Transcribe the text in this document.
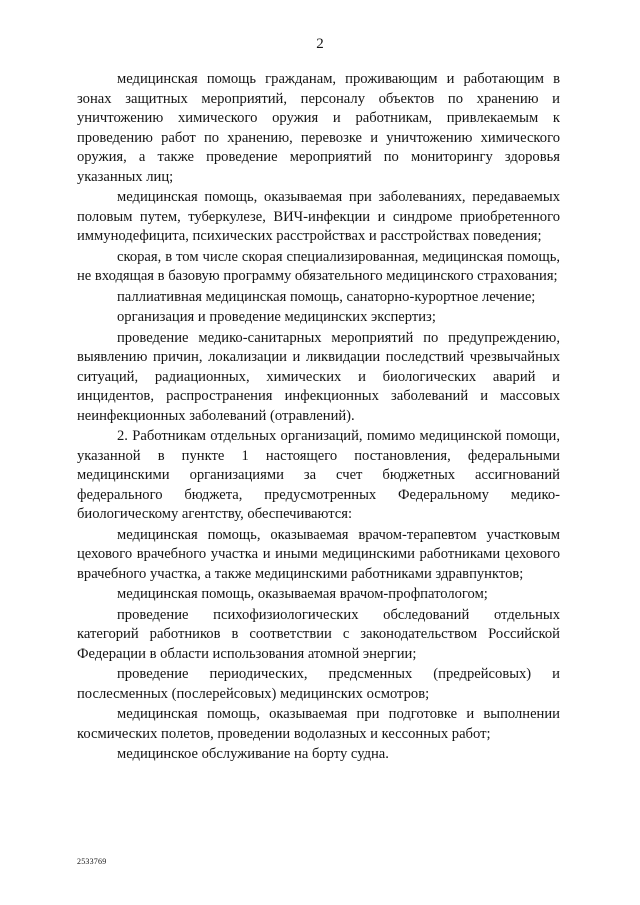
2

медицинская помощь гражданам, проживающим и работающим в зонах защитных мероприятий, персоналу объектов по хранению и уничтожению химического оружия и работникам, привлекаемым к проведению работ по хранению, перевозке и уничтожению химического оружия, а также проведение мероприятий по мониторингу здоровья указанных лиц;

медицинская помощь, оказываемая при заболеваниях, передаваемых половым путем, туберкулезе, ВИЧ-инфекции и синдроме приобретенного иммунодефицита, психических расстройствах и расстройствах поведения;

скорая, в том числе скорая специализированная, медицинская помощь, не входящая в базовую программу обязательного медицинского страхования;

паллиативная медицинская помощь, санаторно-курортное лечение;

организация и проведение медицинских экспертиз;

проведение медико-санитарных мероприятий по предупреждению, выявлению причин, локализации и ликвидации последствий чрезвычайных ситуаций, радиационных, химических и биологических аварий и инцидентов, распространения инфекционных заболеваний и массовых неинфекционных заболеваний (отравлений).

2. Работникам отдельных организаций, помимо медицинской помощи, указанной в пункте 1 настоящего постановления, федеральными медицинскими организациями за счет бюджетных ассигнований федерального бюджета, предусмотренных Федеральному медико-биологическому агентству, обеспечиваются:

медицинская помощь, оказываемая врачом-терапевтом участковым цехового врачебного участка и иными медицинскими работниками цехового врачебного участка, а также медицинскими работниками здравпунктов;

медицинская помощь, оказываемая врачом-профпатологом;

проведение психофизиологических обследований отдельных категорий работников в соответствии с законодательством Российской Федерации в области использования атомной энергии;

проведение периодических, предсменных (предрейсовых) и послесменных (послерейсовых) медицинских осмотров;

медицинская помощь, оказываемая при подготовке и выполнении космических полетов, проведении водолазных и кессонных работ;

медицинское обслуживание на борту судна.

2533769
